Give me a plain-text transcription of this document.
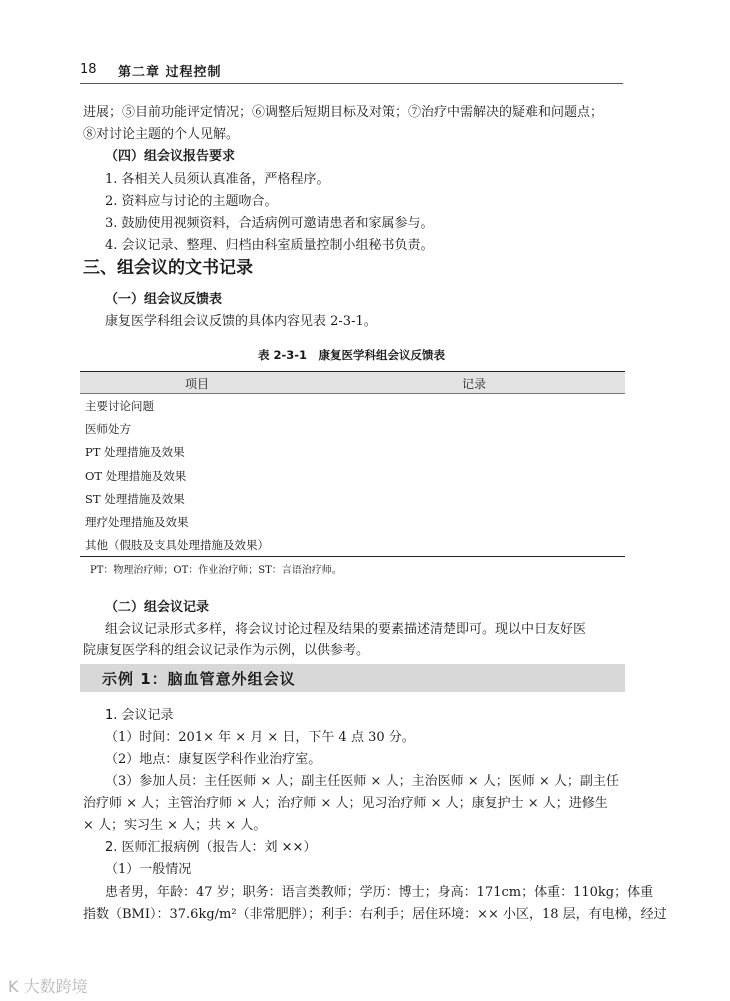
18 第二章 过程控制
进展；⑤目前功能评定情况；⑥调整后短期目标及对策；⑦治疗中需解决的疑难和问题点；
⑧对讨论主题的个人见解。
（四）组会议报告要求
1. 各相关人员须认真准备，严格程序。
2. 资料应与讨论的主题吻合。
3. 鼓励使用视频资料，合适病例可邀请患者和家属参与。
4. 会议记录、整理、归档由科室质量控制小组秘书负责。
三、组会议的文书记录
（一）组会议反馈表
康复医学科组会议反馈的具体内容见表 2-3-1。
表 2-3-1　康复医学科组会议反馈表
项目	记录
主要讨论问题
医师处方
PT 处理措施及效果
OT 处理措施及效果
ST 处理措施及效果
理疗处理措施及效果
其他（假肢及支具处理措施及效果）
PT：物理治疗师；OT：作业治疗师；ST：言语治疗师。
（二）组会议记录
组会议记录形式多样，将会议讨论过程及结果的要素描述清楚即可。现以中日友好医
院康复医学科的组会议记录作为示例，以供参考。
示例 1：脑血管意外组会议
1. 会议记录
（1）时间：201× 年 × 月 × 日，下午 4 点 30 分。
（2）地点：康复医学科作业治疗室。
（3）参加人员：主任医师 × 人；副主任医师 × 人；主治医师 × 人；医师 × 人；副主任
治疗师 × 人；主管治疗师 × 人；治疗师 × 人；见习治疗师 × 人；康复护士 × 人；进修生
× 人；实习生 × 人；共 × 人。
2. 医师汇报病例（报告人：刘 ××）
（1）一般情况
患者男，年龄：47 岁；职务：语言类教师；学历：博士；身高：171cm；体重：110kg；体重
指数（BMI）：37.6kg/m²（非常肥胖）；利手：右利手；居住环境：×× 小区，18 层，有电梯，经过
K 大数跨境
